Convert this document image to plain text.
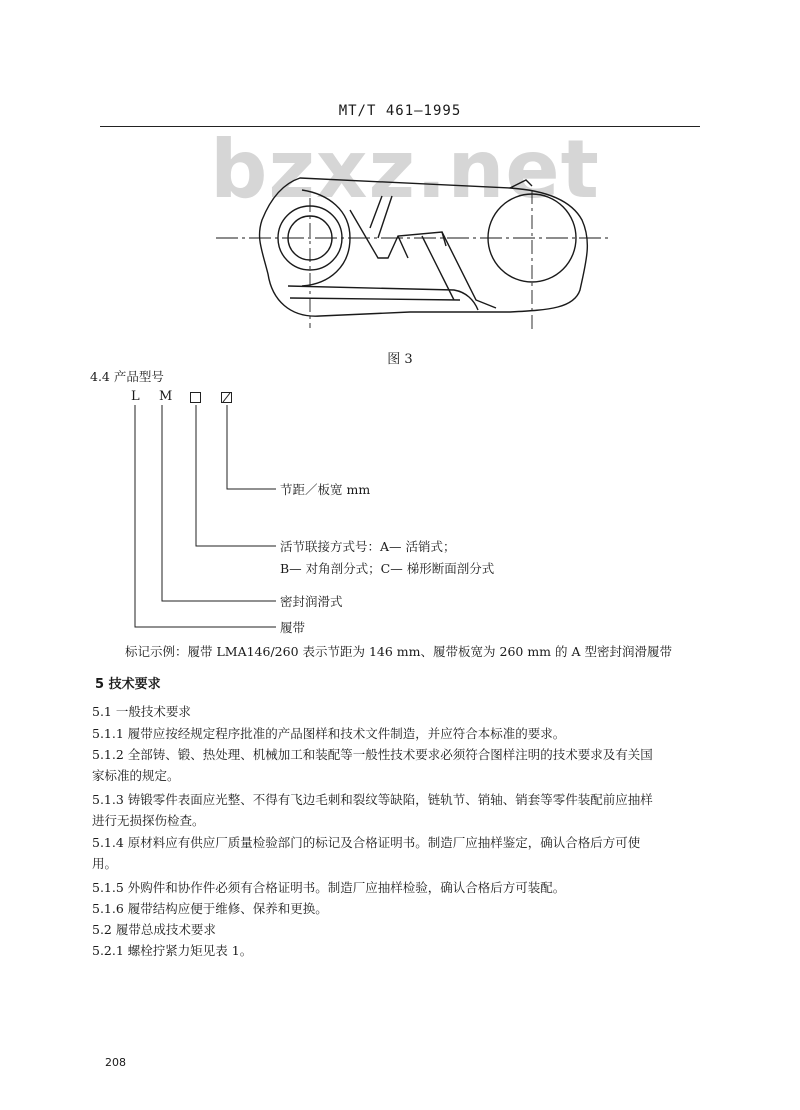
MT/T 461—1995
bzxz.net
图 3
4.4 产品型号
L M
节距／板宽 mm
活节联接方式号：A— 活销式；
B— 对角剖分式；C— 梯形断面剖分式
密封润滑式
履带
标记示例：履带 LMA146/260 表示节距为 146 mm、履带板宽为 260 mm 的 A 型密封润滑履带
5 技术要求
5.1 一般技术要求
5.1.1 履带应按经规定程序批准的产品图样和技术文件制造，并应符合本标准的要求。
5.1.2 全部铸、锻、热处理、机械加工和装配等一般性技术要求必须符合图样注明的技术要求及有关国
家标准的规定。
5.1.3 铸锻零件表面应光整、不得有飞边毛刺和裂纹等缺陷，链轨节、销轴、销套等零件装配前应抽样
进行无损探伤检查。
5.1.4 原材料应有供应厂质量检验部门的标记及合格证明书。制造厂应抽样鉴定，确认合格后方可使
用。
5.1.5 外购件和协作件必须有合格证明书。制造厂应抽样检验，确认合格后方可装配。
5.1.6 履带结构应便于维修、保养和更换。
5.2 履带总成技术要求
5.2.1 螺栓拧紧力矩见表 1。
208
